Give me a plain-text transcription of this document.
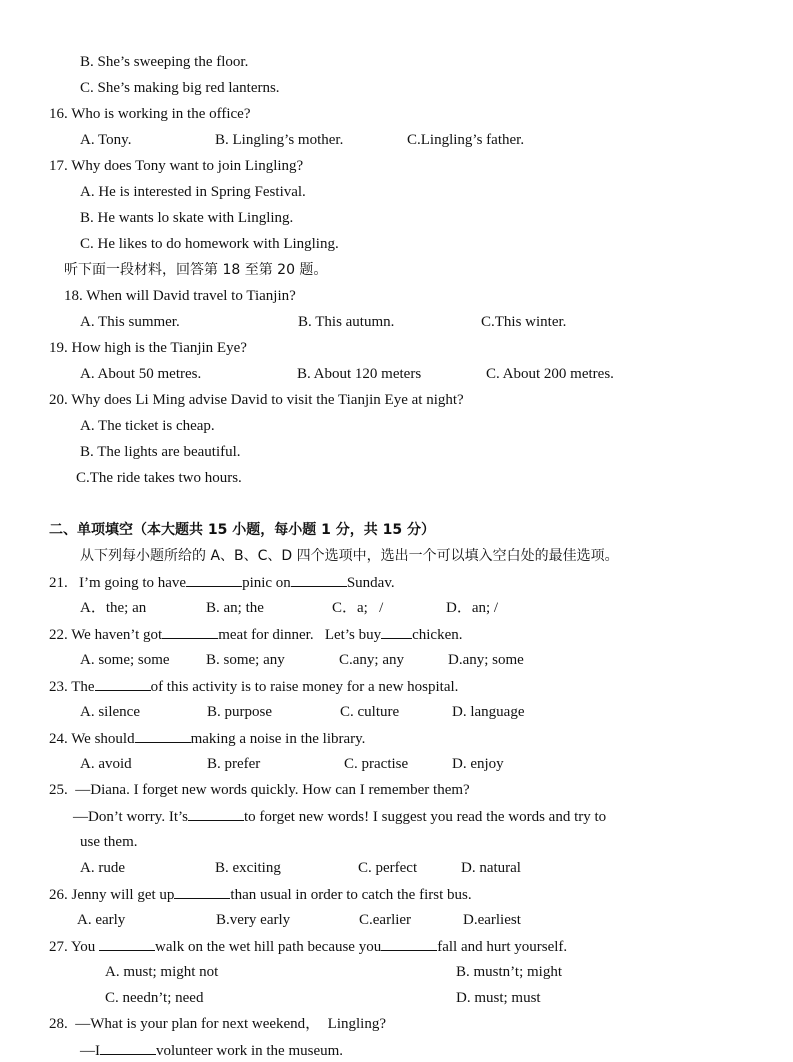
B. She’s sweeping the floor.
C. She’s making big red lanterns.
16. Who is working in the office?
A. Tony.	B. Lingling’s mother.	C.Lingling’s father.
17. Why does Tony want to join Lingling?
A. He is interested in Spring Festival.
B. He wants lo skate with Lingling.
C. He likes to do homework with Lingling.
听下面一段材料，回答第 18 至第 20 题。
18. When will David travel to Tianjin?
A. This summer.	B. This autumn.	C.This winter.
19. How high is the Tianjin Eye?
A. About 50 metres.	B. About 120 meters	C. About 200 metres.
20. Why does Li Ming advise David to visit the Tianjin Eye at night?
A. The ticket is cheap.
B. The lights are beautiful.
C.The ride takes two hours.
二、单项填空（本大题共 15 小题，每小题 1 分，共 15 分）
从下列每小题所给的 A、B、C、D 四个选项中，选出一个可以填入空白处的最佳选项。
21.   I’m going to have	pinic on	Sundav.
A．the; an	B. an; the	C．a;   /	D．an; /
22. We haven’t got	meat for dinner.   Let’s buy chicken.
A. some; some B. some; any	C.any; any	D.any; some
23. The	of this activity is to raise money for a new hospital.
A. silence	B. purpose	C. culture	D. language
24. We should	making a noise in the library.
A. avoid	B. prefer	C. practise	D. enjoy
25.  —Diana. I forget new words quickly. How can I remember them?
—Don’t worry. It’s	to forget new words! I suggest you read the words and try to
use them.
A. rude	B. exciting	C. perfect	D. natural
26. Jenny will get up	than usual in order to catch the first bus.
A. early	B.very early	C.earlier	D.earliest
27. You	walk on the wet hill path because you	fall and hurt yourself.
A. must; might not	B. mustn’t; might
C. needn’t; need	D. must; must
28.  —What is your plan for next weekend，  Lingling?
—I	volunteer work in the museum.
